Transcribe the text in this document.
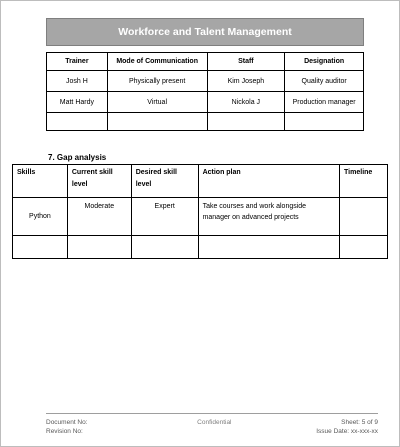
Workforce and Talent Management
Trainer	Mode of Communication	Staff	Designation
Josh H	Physically present	Kim Joseph	Quality auditor
Matt Hardy	Virtual	Nickola J	Production manager

7. Gap analysis
Skills	Current skill level	Desired skill level	Action plan	Timeline
Python	Moderate	Expert	Take courses and work alongside manager on advanced projects	

Document No:	Confidential	Sheet: 5 of 9
Revision No:	Issue Date: xx-xxx-xx
